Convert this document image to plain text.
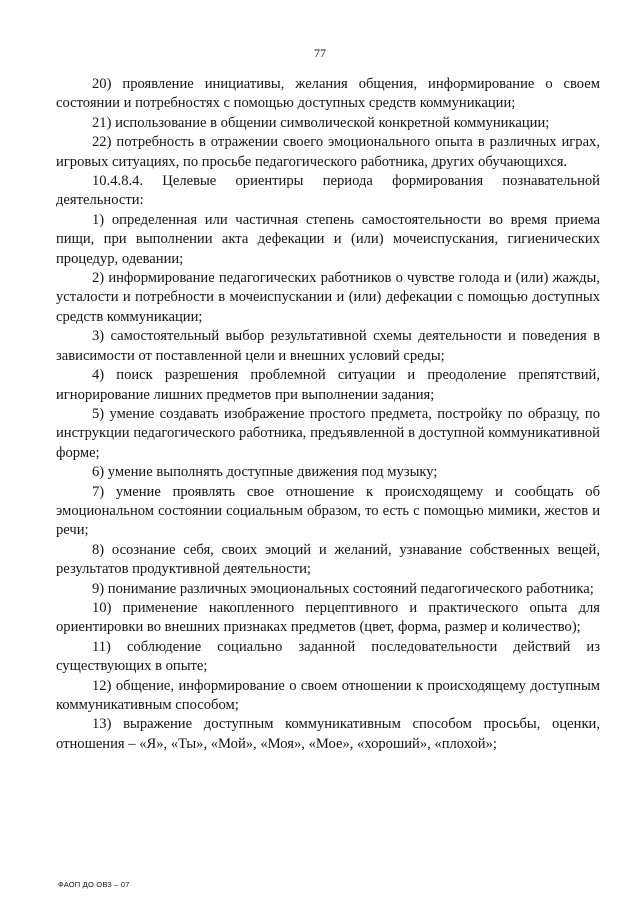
77

20) проявление инициативы, желания общения, информирование о своем состоянии и потребностях с помощью доступных средств коммуникации;

21) использование в общении символической конкретной коммуникации;

22) потребность в отражении своего эмоционального опыта в различных играх, игровых ситуациях, по просьбе педагогического работника, других обучающихся.

10.4.8.4. Целевые ориентиры периода формирования познавательной деятельности:

1) определенная или частичная степень самостоятельности во время приема пищи, при выполнении акта дефекации и (или) мочеиспускания, гигиенических процедур, одевании;

2) информирование педагогических работников о чувстве голода и (или) жажды, усталости и потребности в мочеиспускании и (или) дефекации с помощью доступных средств коммуникации;

3) самостоятельный выбор результативной схемы деятельности и поведения в зависимости от поставленной цели и внешних условий среды;

4) поиск разрешения проблемной ситуации и преодоление препятствий, игнорирование лишних предметов при выполнении задания;

5) умение создавать изображение простого предмета, постройку по образцу, по инструкции педагогического работника, предъявленной в доступной коммуникативной форме;

6) умение выполнять доступные движения под музыку;

7) умение проявлять свое отношение к происходящему и сообщать об эмоциональном состоянии социальным образом, то есть с помощью мимики, жестов и речи;

8) осознание себя, своих эмоций и желаний, узнавание собственных вещей, результатов продуктивной деятельности;

9) понимание различных эмоциональных состояний педагогического работника;

10) применение накопленного перцептивного и практического опыта для ориентировки во внешних признаках предметов (цвет, форма, размер и количество);

11) соблюдение социально заданной последовательности действий из существующих в опыте;

12) общение, информирование о своем отношении к происходящему доступным коммуникативным способом;

13) выражение доступным коммуникативным способом просьбы, оценки, отношения – «Я», «Ты», «Мой», «Моя», «Мое», «хороший», «плохой»;

ФАОП ДО ОВЗ – 07
